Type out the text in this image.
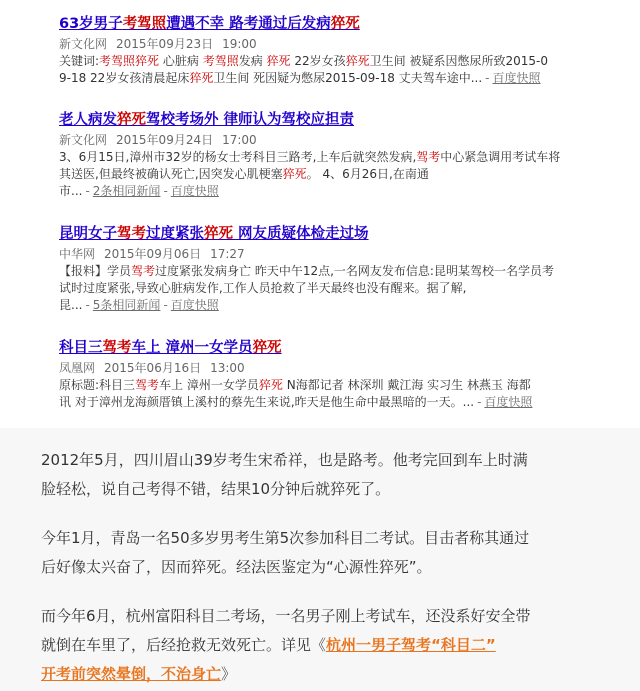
63岁男子考驾照遭遇不幸 路考通过后发病猝死
新文化网 2015年09月23日 19:00
关键词:考驾照猝死 心脏病 考驾照发病 猝死 22岁女孩猝死卫生间 被疑系因憋尿所致2015-0
9-18 22岁女孩清晨起床猝死卫生间 死因疑为憋尿2015-09-18 丈夫驾车途中... - 百度快照
老人病发猝死驾校考场外 律师认为驾校应担责
新文化网 2015年09月24日 17:00
3、6月15日,漳州市32岁的杨女士考科目三路考,上车后就突然发病,驾考中心紧急调用考试车将
其送医,但最终被确认死亡,因突发心肌梗塞猝死。 4、6月26日,在南通
市... - 2条相同新闻 - 百度快照
昆明女子驾考过度紧张猝死 网友质疑体检走过场
中华网 2015年09月06日 17:27
【报料】学员驾考过度紧张发病身亡 昨天中午12点,一名网友发布信息:昆明某驾校一名学员考
试时过度紧张,导致心脏病发作,工作人员抢救了半天最终也没有醒来。据了解,
昆... - 5条相同新闻 - 百度快照
科目三驾考车上 漳州一女学员猝死
凤凰网 2015年06月16日 13:00
原标题:科目三驾考车上 漳州一女学员猝死 N海都记者 林深圳 戴江海 实习生 林燕玉 海都
讯 对于漳州龙海颜厝镇上溪村的蔡先生来说,昨天是他生命中最黑暗的一天。... - 百度快照
2012年5月，四川眉山39岁考生宋希祥，也是路考。他考完回到车上时满
脸轻松，说自己考得不错，结果10分钟后就猝死了。
今年1月，青岛一名50多岁男考生第5次参加科目二考试。目击者称其通过
后好像太兴奋了，因而猝死。经法医鉴定为“心源性猝死”。
而今年6月，杭州富阳科目二考场，一名男子刚上考试车，还没系好安全带
就倒在车里了，后经抢救无效死亡。详见《杭州一男子驾考“科目二”
开考前突然晕倒，不治身亡》
